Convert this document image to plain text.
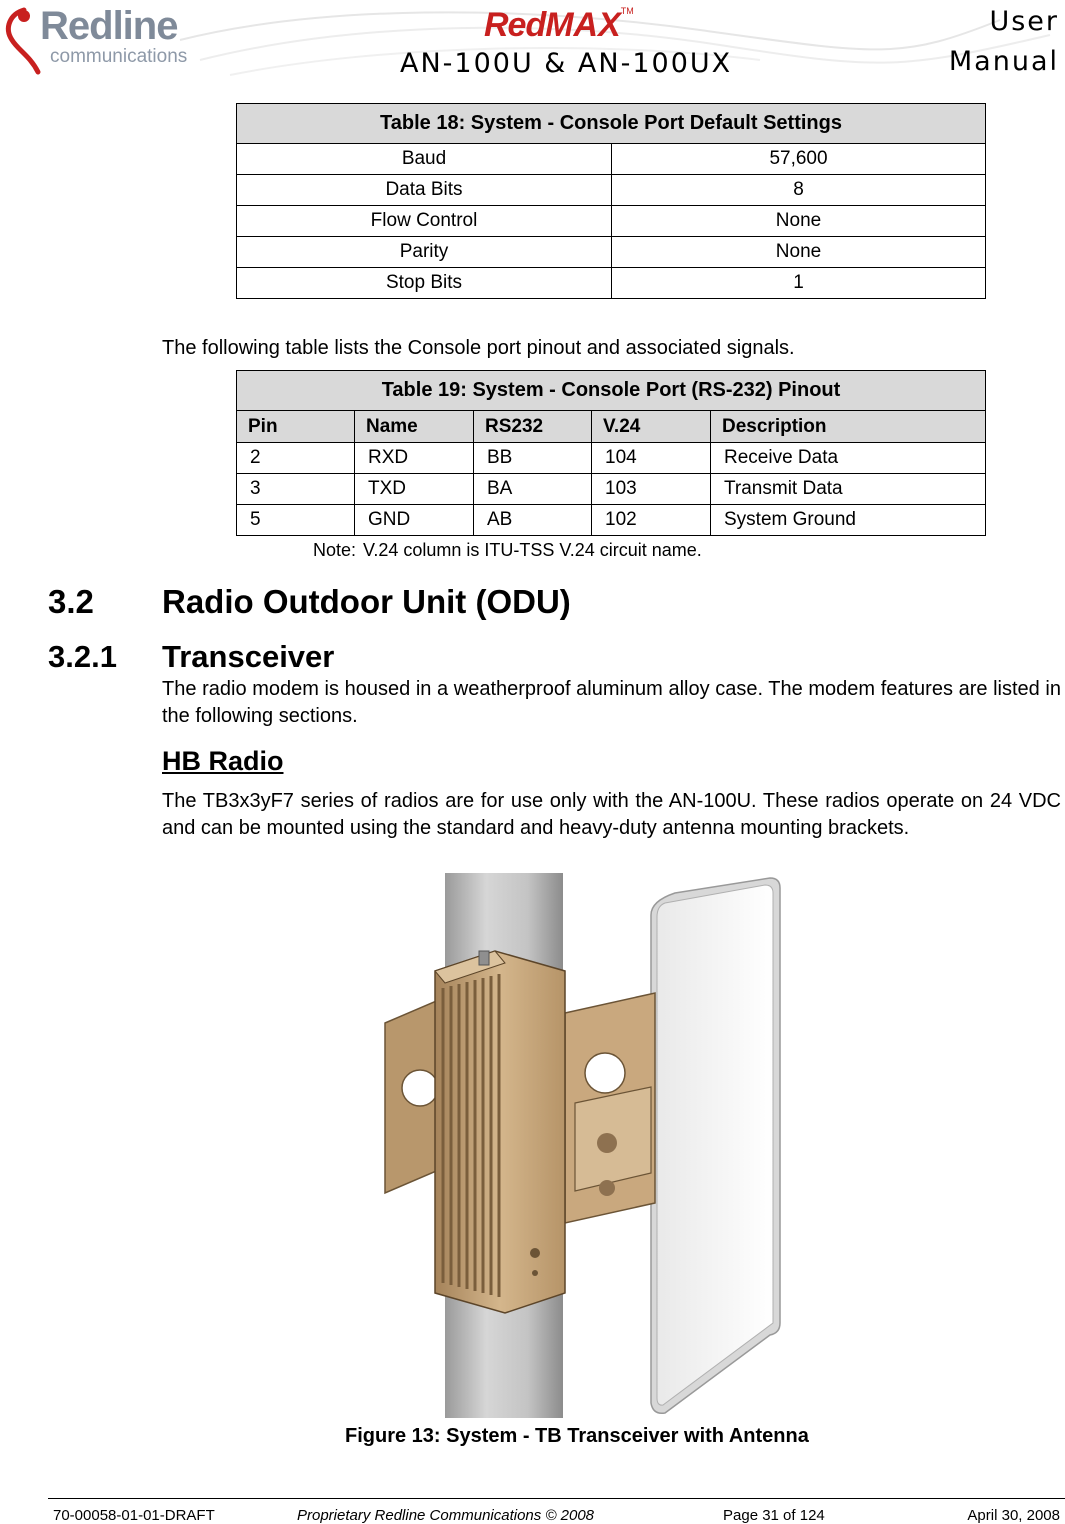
Redline
communications
RedMAX™
AN-100U & AN-100UX
User
Manual
Table 18: System - Console Port Default Settings	
Baud	57,600
Data Bits	8
Flow Control	None
Parity	None
Stop Bits	1
The following table lists the Console port pinout and associated signals.
Table 19: System - Console Port (RS-232) Pinout				
Pin	Name	RS232	V.24	Description
2	RXD	BB	104	Receive Data
3	TXD	BA	103	Transmit Data
5	GND	AB	102	System Ground
Note: V.24 column is ITU-TSS V.24 circuit name.
3.2 Radio Outdoor Unit (ODU)
3.2.1 Transceiver
The radio modem is housed in a weatherproof aluminum alloy case. The modem features are listed in the following sections.
HB Radio
The TB3x3yF7 series of radios are for use only with the AN-100U. These radios operate on 24 VDC and can be mounted using the standard and heavy-duty antenna mounting brackets.
Figure 13: System - TB Transceiver with Antenna
70-00058-01-01-DRAFT	Proprietary Redline Communications © 2008	Page 31 of 124	April 30, 2008
